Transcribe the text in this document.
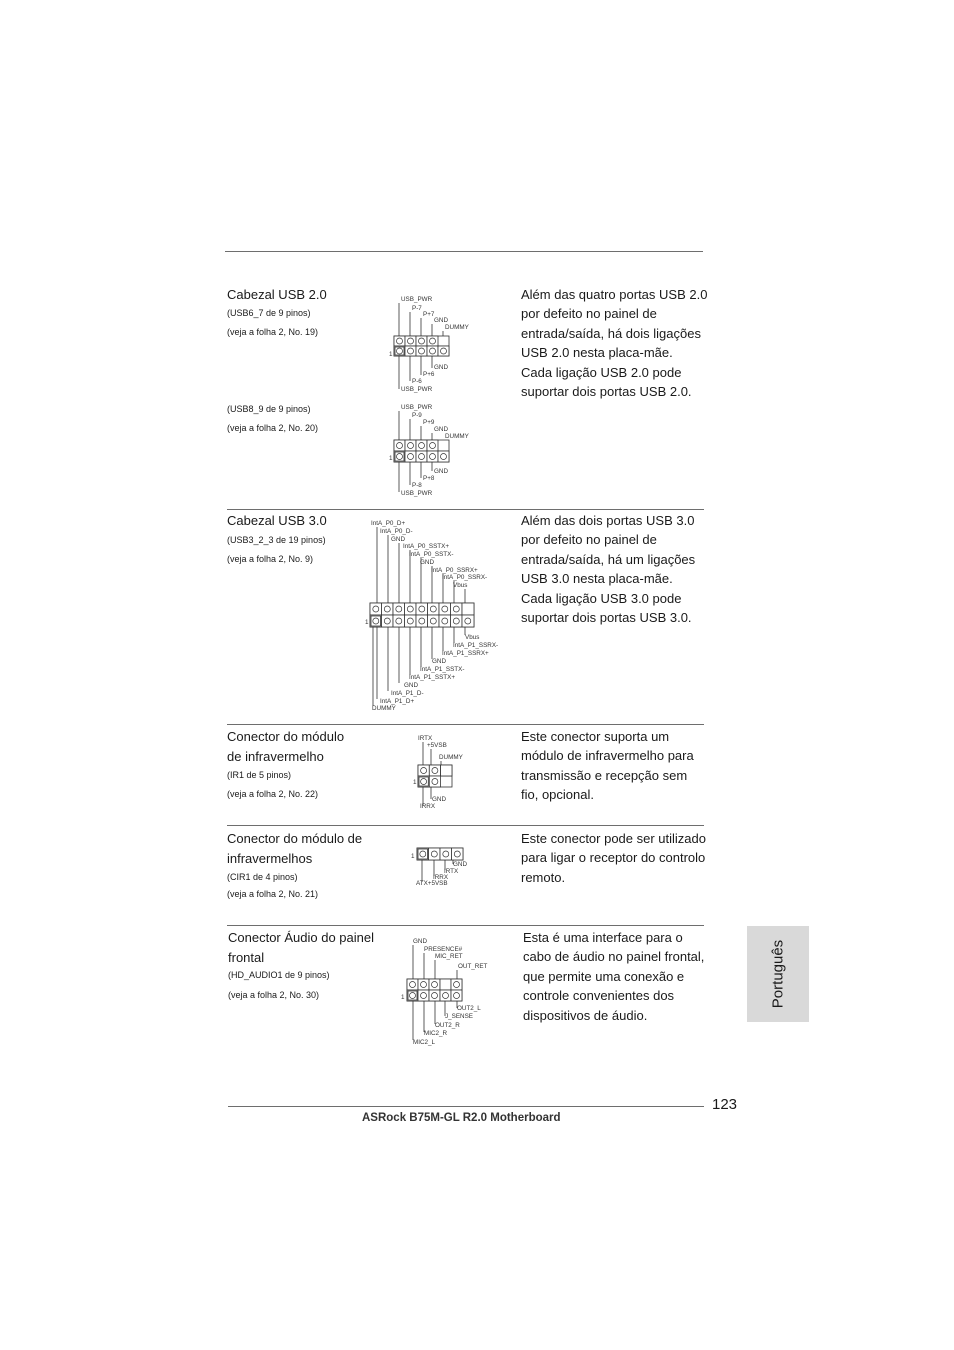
Cabezal USB 2.0
(USB6_7 de 9 pinos)
(veja a folha 2, No. 19)
(USB8_9 de 9 pinos)
(veja a folha 2, No. 20)
Além das quatro portas USB 2.0
por defeito no painel de
entrada/saída, há dois ligações
USB 2.0 nesta placa-mãe.
Cada ligação USB 2.0 pode
suportar dois portas USB 2.0.
USB_PWR
P-7
P+7
GND
DUMMY
1
GND
P+6
P-6
USB_PWR
USB_PWR
P-9
P+9
GND
DUMMY
1
GND
P+8
P-8
USB_PWR
Cabezal USB 3.0
(USB3_2_3 de 19 pinos)
(veja a folha 2, No. 9)
Além das dois portas USB 3.0
por defeito no painel de
entrada/saída, há um ligações
USB 3.0 nesta placa-mãe.
Cada ligação USB 3.0 pode
suportar dois portas USB 3.0.
IntA_P0_D+
IntA_P0_D-
GND
IntA_P0_SSTX+
IntA_P0_SSTX-
GND
IntA_P0_SSRX+
IntA_P0_SSRX-
Vbus
1
Vbus
IntA_P1_SSRX-
IntA_P1_SSRX+
GND
IntA_P1_SSTX-
IntA_P1_SSTX+
GND
IntA_P1_D-
IntA_P1_D+
DUMMY
Conector do módulo
de infravermelho
(IR1 de 5 pinos)
(veja a folha 2, No. 22)
Este conector suporta um
módulo de infravermelho para
transmissão e recepção sem
fio, opcional.
IRTX
+5VSB
DUMMY
1
GND
IRRX
Conector do módulo de
infravermelhos
(CIR1 de 4 pinos)
(veja a folha 2, No. 21)
Este conector pode ser utilizado
para ligar o receptor do controlo
remoto.
1
GND
IRTX
IRRX
ATX+5VSB
Conector Áudio do painel
frontal
(HD_AUDIO1 de 9 pinos)
(veja a folha 2, No. 30)
Esta é uma interface para o
cabo de áudio no painel frontal,
que permite uma conexão e
controle convenientes dos
dispositivos de áudio.
GND
PRESENCE#
MIC_RET
OUT_RET
1
OUT2_L
J_SENSE
OUT2_R
MIC2_R
MIC2_L
Português
123
ASRock B75M-GL R2.0 Motherboard
